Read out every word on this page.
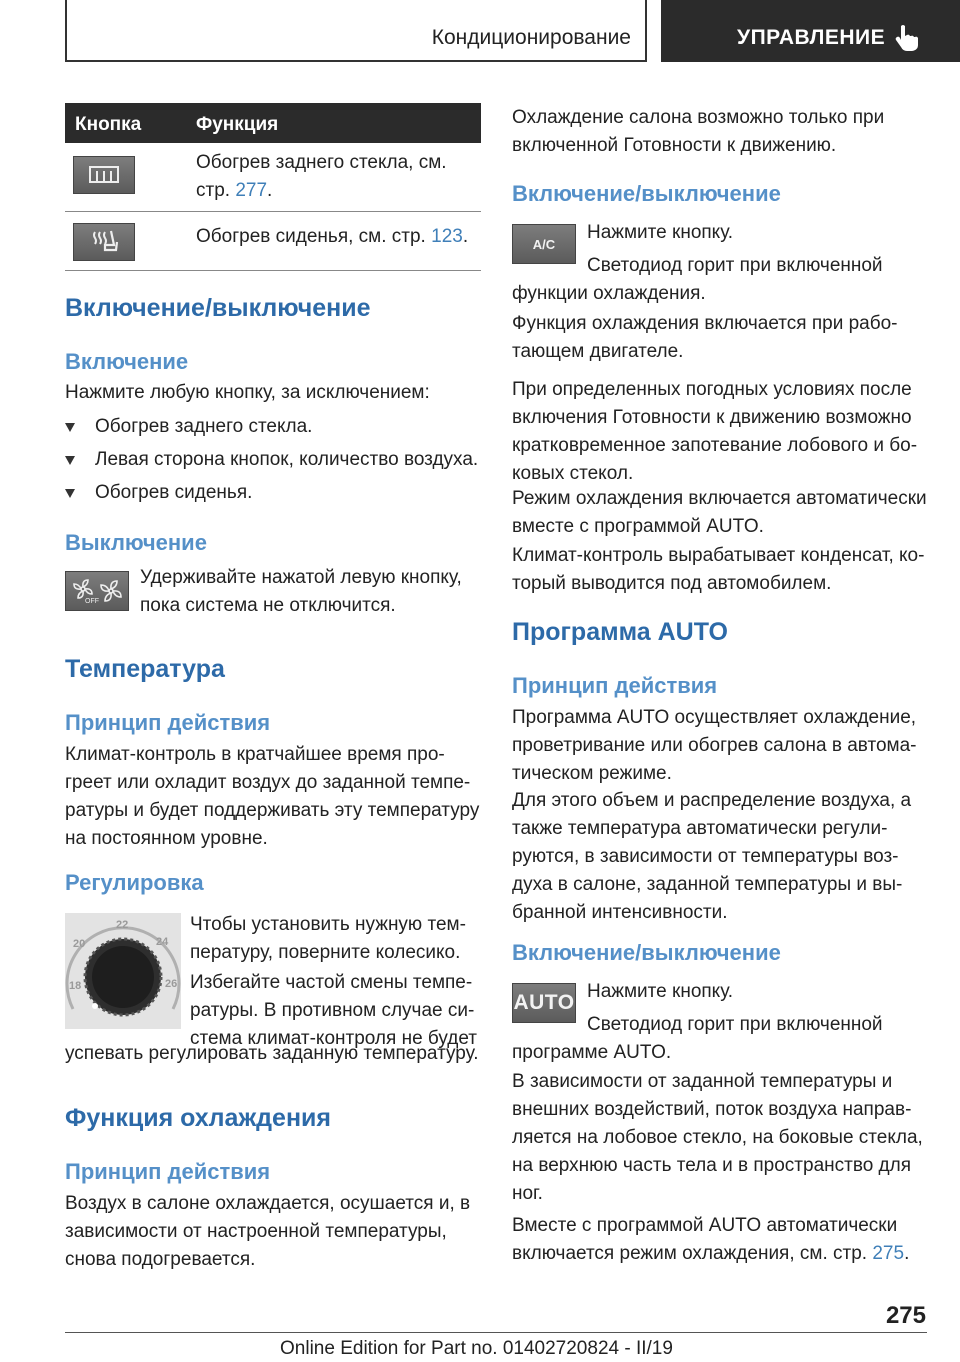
Кондиционирование	УПРАВЛЕНИЕ
Кнопка	Функция
Обогрев заднего стекла, см.
стр. 277.
Обогрев сиденья, см. стр. 123.
Включение/выключение
Включение
Нажмите любую кнопку, за исключением:
Обогрев заднего стекла.
Левая сторона кнопок, количество воздуха.
Обогрев сиденья.
Выключение
OFF
Удерживайте нажатой левую кнопку,
пока система не отключится.
Температура
Принцип действия
Климат-контроль в кратчайшее время про-
греет или охладит воздух до заданной темпе-
ратуры и будет поддерживать эту температуру
на постоянном уровне.
Регулировка
18
20
22
24
26
Чтобы установить нужную тем-
пературу, поверните колесико.
Избегайте частой смены темпе-
ратуры. В противном случае си-
стема климат-контроля не будет
успевать регулировать заданную температуру.
Функция охлаждения
Принцип действия
Воздух в салоне охлаждается, осушается и, в
зависимости от настроенной температуры,
снова подогревается.
Охлаждение салона возможно только при
включенной Готовности к движению.
Включение/выключение
A/C
Нажмите кнопку.
Светодиод горит при включенной
функции охлаждения.
Функция охлаждения включается при рабо-
тающем двигателе.
При определенных погодных условиях после
включения Готовности к движению возможно
кратковременное запотевание лобового и бо-
ковых стекол.
Режим охлаждения включается автоматически
вместе с программой AUTO.
Климат-контроль вырабатывает конденсат, ко-
торый выводится под автомобилем.
Программа AUTO
Принцип действия
Программа AUTO осуществляет охлаждение,
проветривание или обогрев салона в автома-
тическом режиме.
Для этого объем и распределение воздуха, а
также температура автоматически регули-
руются, в зависимости от температуры воз-
духа в салоне, заданной температуры и вы-
бранной интенсивности.
Включение/выключение
AUTO Нажмите кнопку.
Светодиод горит при включенной
программе AUTO.
В зависимости от заданной температуры и
внешних воздействий, поток воздуха направ-
ляется на лобовое стекло, на боковые стекла,
на верхнюю часть тела и в пространство для
ног.
Вместе с программой AUTO автоматически
включается режим охлаждения, см. стр. 275.
275
Online Edition for Part no. 01402720824 - II/19
